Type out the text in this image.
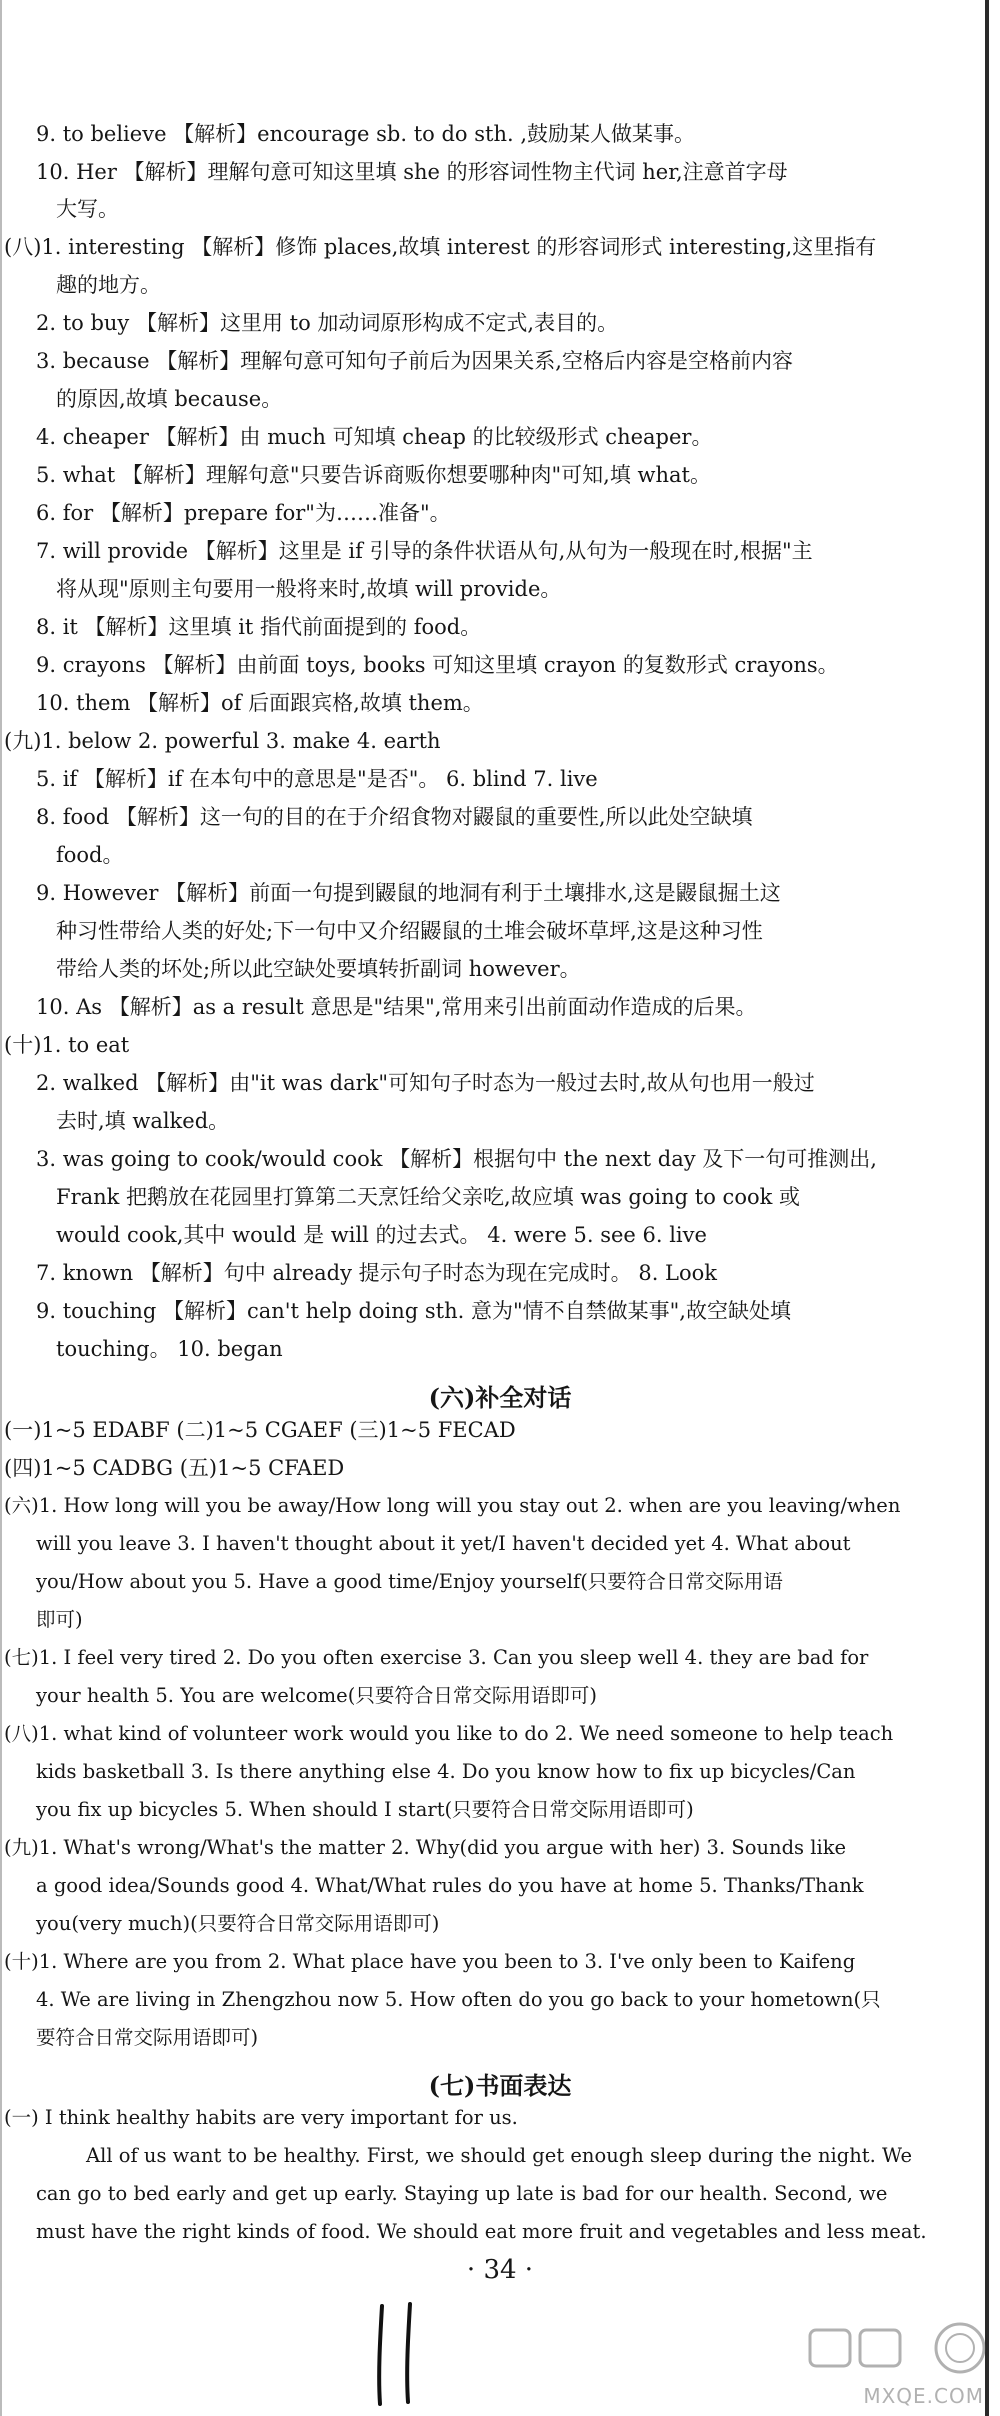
9. to believe 【解析】encourage sb. to do sth. ,鼓励某人做某事。
10. Her 【解析】理解句意可知这里填 she 的形容词性物主代词 her,注意首字母
大写。
(八)1. interesting 【解析】修饰 places,故填 interest 的形容词形式 interesting,这里指有
趣的地方。
2. to buy 【解析】这里用 to 加动词原形构成不定式,表目的。
3. because 【解析】理解句意可知句子前后为因果关系,空格后内容是空格前内容
的原因,故填 because。
4. cheaper 【解析】由 much 可知填 cheap 的比较级形式 cheaper。
5. what 【解析】理解句意"只要告诉商贩你想要哪种肉"可知,填 what。
6. for 【解析】prepare for"为……准备"。
7. will provide 【解析】这里是 if 引导的条件状语从句,从句为一般现在时,根据"主
将从现"原则主句要用一般将来时,故填 will provide。
8. it 【解析】这里填 it 指代前面提到的 food。
9. crayons 【解析】由前面 toys, books 可知这里填 crayon 的复数形式 crayons。
10. them 【解析】of 后面跟宾格,故填 them。
(九)1. below 2. powerful 3. make 4. earth
5. if 【解析】if 在本句中的意思是"是否"。 6. blind 7. live
8. food 【解析】这一句的目的在于介绍食物对鼹鼠的重要性,所以此处空缺填
food。
9. However 【解析】前面一句提到鼹鼠的地洞有利于土壤排水,这是鼹鼠掘土这
种习性带给人类的好处;下一句中又介绍鼹鼠的土堆会破坏草坪,这是这种习性
带给人类的坏处;所以此空缺处要填转折副词 however。
10. As 【解析】as a result 意思是"结果",常用来引出前面动作造成的后果。
(十)1. to eat
2. walked 【解析】由"it was dark"可知句子时态为一般过去时,故从句也用一般过
去时,填 walked。
3. was going to cook/would cook 【解析】根据句中 the next day 及下一句可推测出,
Frank 把鹅放在花园里打算第二天烹饪给父亲吃,故应填 was going to cook 或
would cook,其中 would 是 will 的过去式。 4. were 5. see 6. live
7. known 【解析】句中 already 提示句子时态为现在完成时。 8. Look
9. touching 【解析】can't help doing sth. 意为"情不自禁做某事",故空缺处填
touching。 10. began
(六)补全对话
(一)1~5 EDABF (二)1~5 CGAEF (三)1~5 FECAD
(四)1~5 CADBG (五)1~5 CFAED
(六)1. How long will you be away/How long will you stay out 2. when are you leaving/when
will you leave 3. I haven't thought about it yet/I haven't decided yet 4. What about
you/How about you 5. Have a good time/Enjoy yourself(只要符合日常交际用语
即可)
(七)1. I feel very tired 2. Do you often exercise 3. Can you sleep well 4. they are bad for
your health 5. You are welcome(只要符合日常交际用语即可)
(八)1. what kind of volunteer work would you like to do 2. We need someone to help teach
kids basketball 3. Is there anything else 4. Do you know how to fix up bicycles/Can
you fix up bicycles 5. When should I start(只要符合日常交际用语即可)
(九)1. What's wrong/What's the matter 2. Why(did you argue with her) 3. Sounds like
a good idea/Sounds good 4. What/What rules do you have at home 5. Thanks/Thank
you(very much)(只要符合日常交际用语即可)
(十)1. Where are you from 2. What place have you been to 3. I've only been to Kaifeng
4. We are living in Zhengzhou now 5. How often do you go back to your hometown(只
要符合日常交际用语即可)
(七)书面表达
(一) I think healthy habits are very important for us.
All of us want to be healthy. First, we should get enough sleep during the night. We
can go to bed early and get up early. Staying up late is bad for our health. Second, we
must have the right kinds of food. We should eat more fruit and vegetables and less meat.
· 34 ·
MXQE.COM
